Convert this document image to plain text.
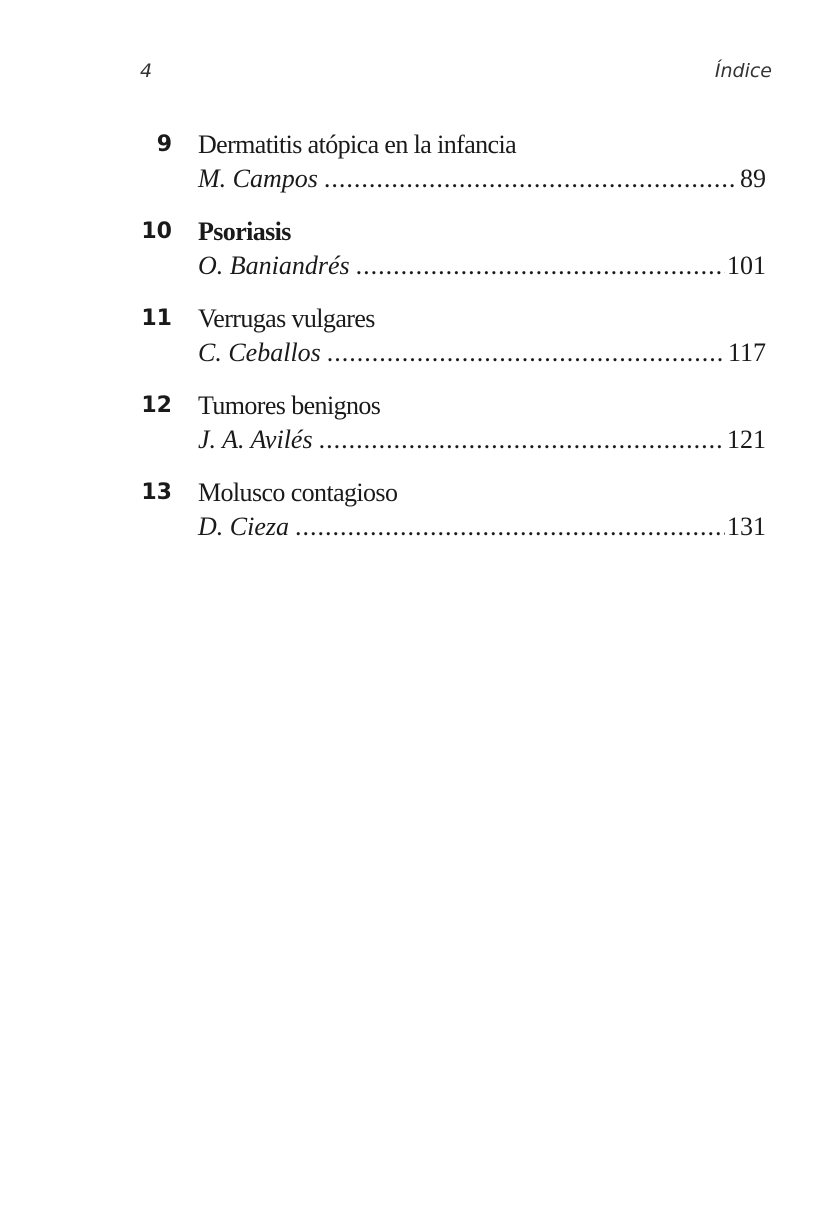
4	Índice
9 Dermatitis atópica en la infancia
M. Campos .....	89
10 Psoriasis
O. Baniandrés .....	101
11 Verrugas vulgares
C. Ceballos .....	117
12 Tumores benignos
J. A. Avilés .....	121
13 Molusco contagioso
D. Cieza .....	131
